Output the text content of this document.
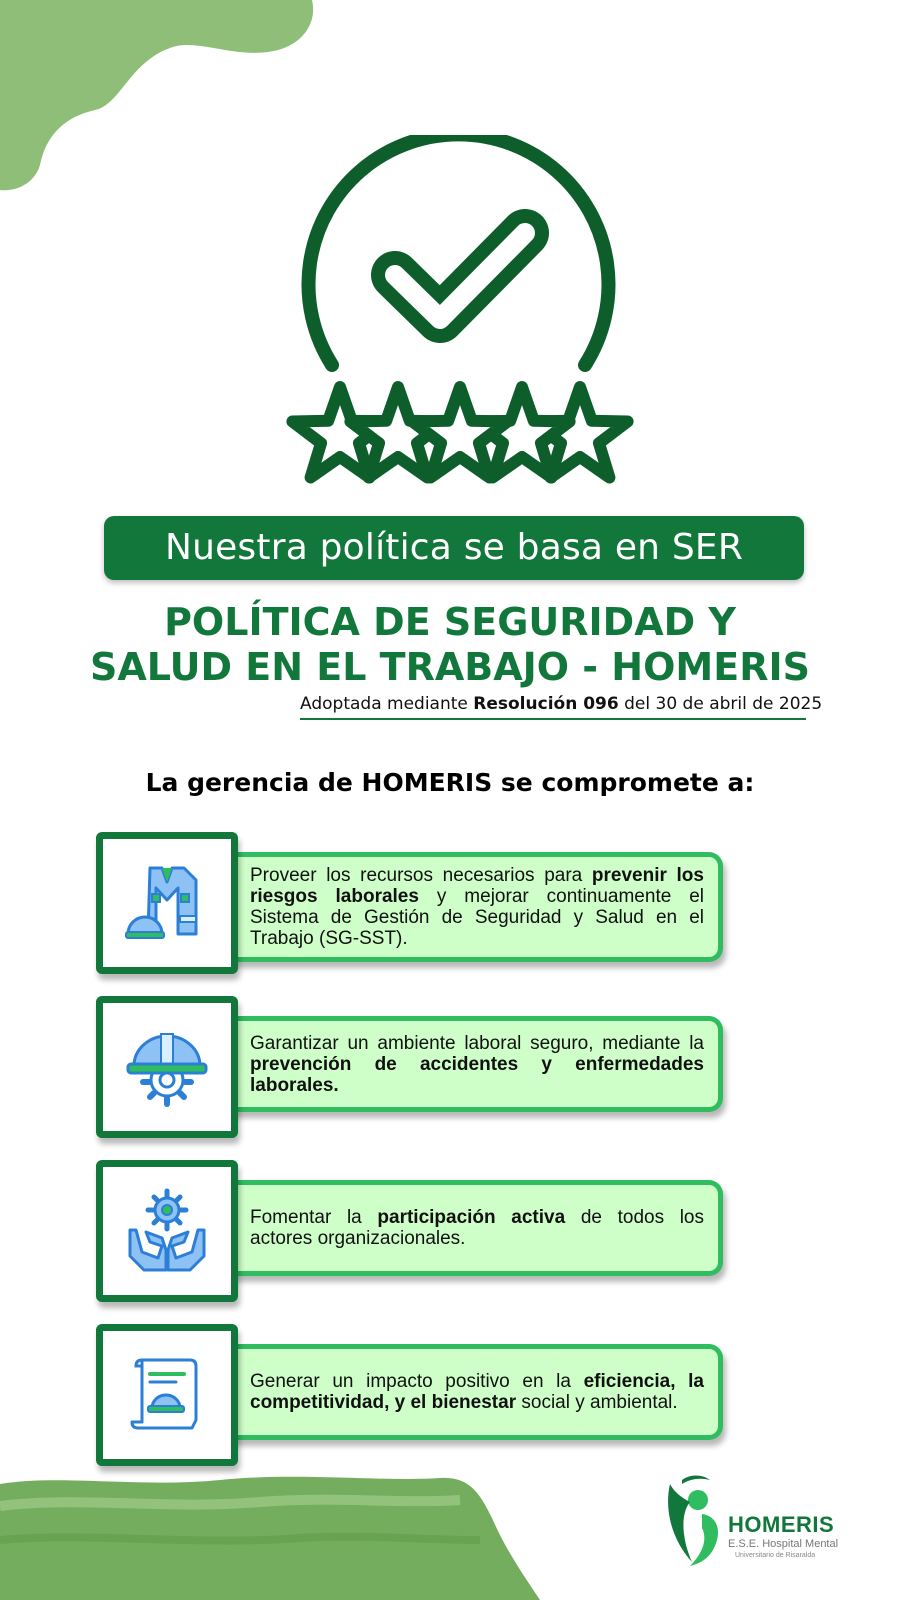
Nuestra política se basa en SER
POLÍTICA DE SEGURIDAD Y
SALUD EN EL TRABAJO - HOMERIS
Adoptada mediante Resolución 096 del 30 de abril de 2025
La gerencia de HOMERIS se compromete a:

Proveer los recursos necesarios para prevenir los riesgos laborales y mejorar continuamente el Sistema de Gestión de Seguridad y Salud en el Trabajo (SG-SST).

Garantizar un ambiente laboral seguro, mediante la prevención de accidentes y enfermedades laborales.

Fomentar la participación activa de todos los actores organizacionales.

Generar un impacto positivo en la eficiencia, la competitividad, y el bienestar social y ambiental.

HOMERIS
E.S.E. Hospital Mental
Universitario de Risaralda
